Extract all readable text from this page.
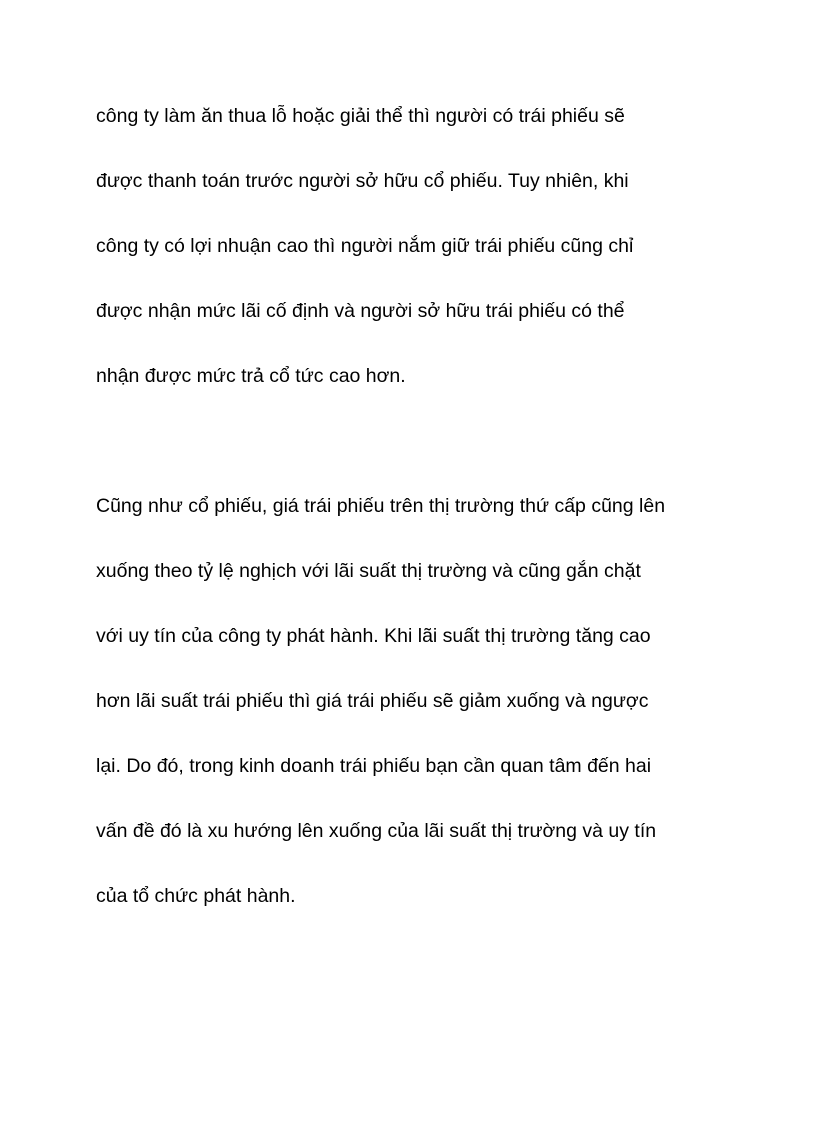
công ty làm ăn thua lỗ hoặc giải thể thì người có trái phiếu sẽ
được thanh toán trước người sở hữu cổ phiếu. Tuy nhiên, khi
công ty có lợi nhuận cao thì người nắm giữ trái phiếu cũng chỉ
được nhận mức lãi cố định và người sở hữu trái phiếu có thể
nhận được mức trả cổ tức cao hơn.

Cũng như cổ phiếu, giá trái phiếu trên thị trường thứ cấp cũng lên
xuống theo tỷ lệ nghịch với lãi suất thị trường và cũng gắn chặt
với uy tín của công ty phát hành. Khi lãi suất thị trường tăng cao
hơn lãi suất trái phiếu thì giá trái phiếu sẽ giảm xuống và ngược
lại. Do đó, trong kinh doanh trái phiếu bạn cần quan tâm đến hai
vấn đề đó là xu hướng lên xuống của lãi suất thị trường và uy tín
của tổ chức phát hành.
